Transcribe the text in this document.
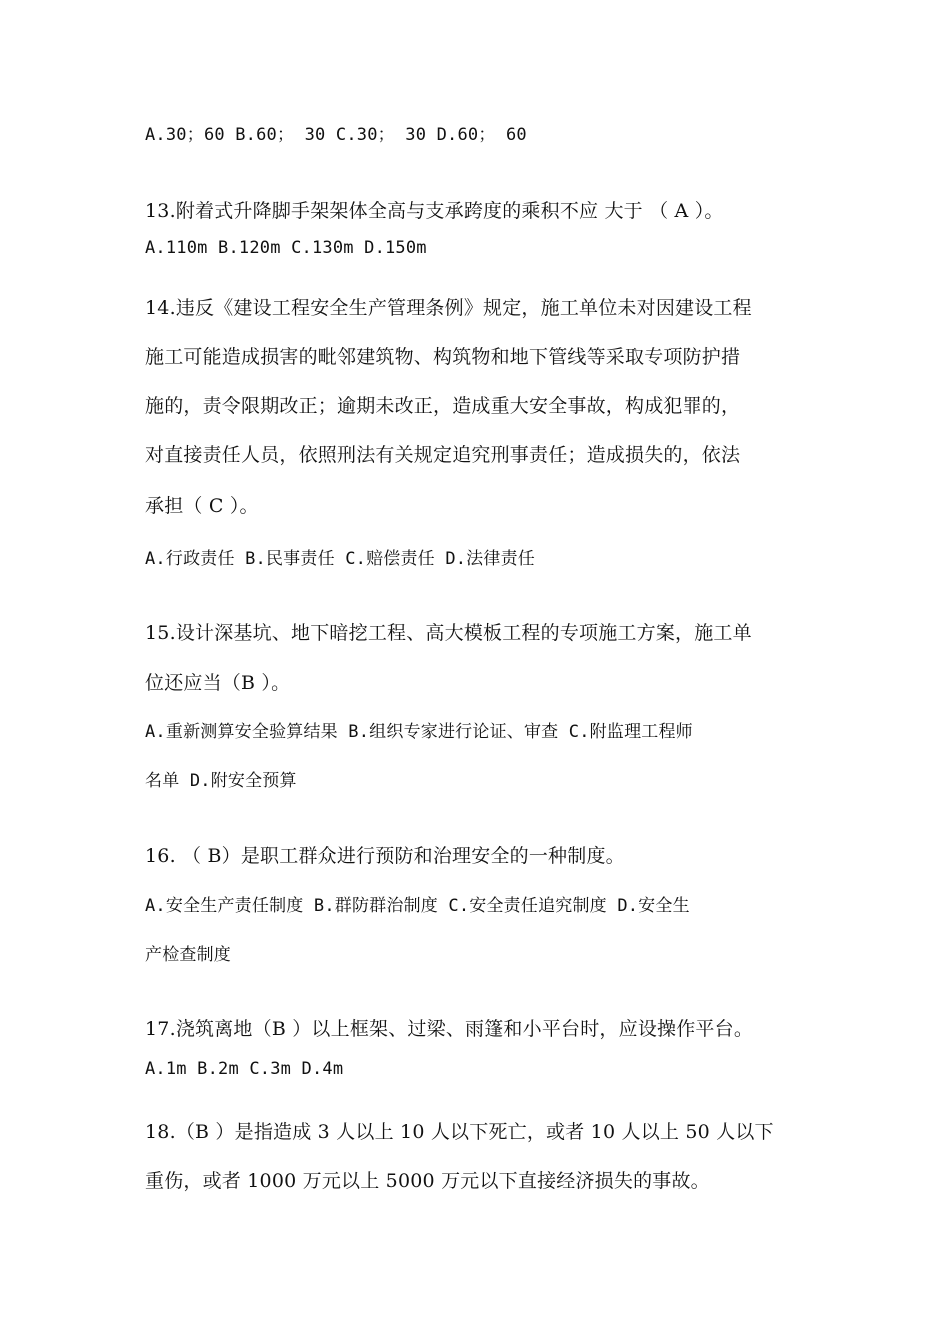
A.30；60 B.60； 30 C.30； 30 D.60； 60
13.附着式升降脚手架架体全高与支承跨度的乘积不应 大于 （ A ）。
A.110m B.120m C.130m D.150m
14.违反《建设工程安全生产管理条例》规定，施工单位未对因建设工程
施工可能造成损害的毗邻建筑物、构筑物和地下管线等采取专项防护措
施的，责令限期改正；逾期未改正，造成重大安全事故，构成犯罪的，
对直接责任人员，依照刑法有关规定追究刑事责任；造成损失的，依法
承担（ C ）。
A.行政责任 B.民事责任 C.赔偿责任 D.法律责任
15.设计深基坑、地下暗挖工程、高大模板工程的专项施工方案，施工单
位还应当（B ）。
A.重新测算安全验算结果 B.组织专家进行论证、审查 C.附监理工程师
名单 D.附安全预算
16. （ B）是职工群众进行预防和治理安全的一种制度。
A.安全生产责任制度 B.群防群治制度 C.安全责任追究制度 D.安全生
产检查制度
17.浇筑离地（B ）以上框架、过梁、雨篷和小平台时，应设操作平台。
A.1m B.2m C.3m D.4m
18.（B ）是指造成 3 人以上 10 人以下死亡，或者 10 人以上 50 人以下
重伤，或者 1000 万元以上 5000 万元以下直接经济损失的事故。
